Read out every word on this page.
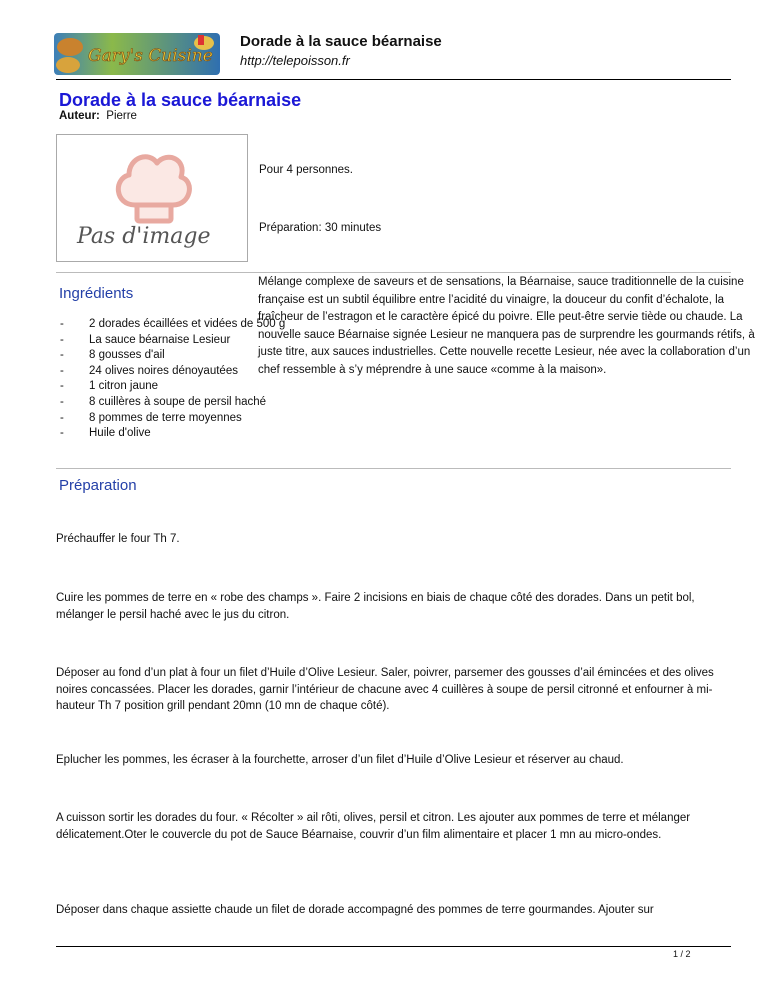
Gary's Cuisine
Dorade à la sauce béarnaise
http://telepoisson.fr
Dorade à la sauce béarnaise
Auteur: Pierre
Pas d'image
Pour 4 personnes.
Préparation: 30 minutes
Ingrédients
- 2 dorades écaillées et vidées de 500 g
- La sauce béarnaise Lesieur
- 8 gousses d'ail
- 24 olives noires dénoyautées
- 1 citron jaune
- 8 cuillères à soupe de persil haché
- 8 pommes de terre moyennes
- Huile d'olive

Mélange complexe de saveurs et de sensations, la Béarnaise, sauce traditionnelle de la cuisine française est un subtil équilibre entre l’acidité du vinaigre, la douceur du confit d’échalote, la fraîcheur de l’estragon et le caractère épicé du poivre. Elle peut-être servie tiède ou chaude. La nouvelle sauce Béarnaise signée Lesieur ne manquera pas de surprendre les gourmands rétifs, à juste titre, aux sauces industrielles. Cette nouvelle recette Lesieur, née avec la collaboration d’un chef ressemble à s’y méprendre à une sauce «comme à la maison».

Préparation

Préchauffer le four Th 7.

Cuire les pommes de terre en « robe des champs ». Faire 2 incisions en biais de chaque côté des dorades. Dans un petit bol, mélanger le persil haché avec le jus du citron.

Déposer au fond d’un plat à four un filet d’Huile d’Olive Lesieur. Saler, poivrer, parsemer des gousses d’ail émincées et des olives noires concassées. Placer les dorades, garnir l’intérieur de chacune avec 4 cuillères à soupe de persil citronné et enfourner à mi-hauteur Th 7 position grill pendant 20mn (10 mn de chaque côté).

Eplucher les pommes, les écraser à la fourchette, arroser d’un filet d’Huile d’Olive Lesieur et réserver au chaud.

A cuisson sortir les dorades du four. « Récolter » ail rôti, olives, persil et citron. Les ajouter aux pommes de terre et mélanger délicatement.Oter le couvercle du pot de Sauce Béarnaise, couvrir d’un film alimentaire et placer 1 mn au micro-ondes.

Déposer dans chaque assiette chaude un filet de dorade accompagné des pommes de terre gourmandes. Ajouter sur

1 / 2
